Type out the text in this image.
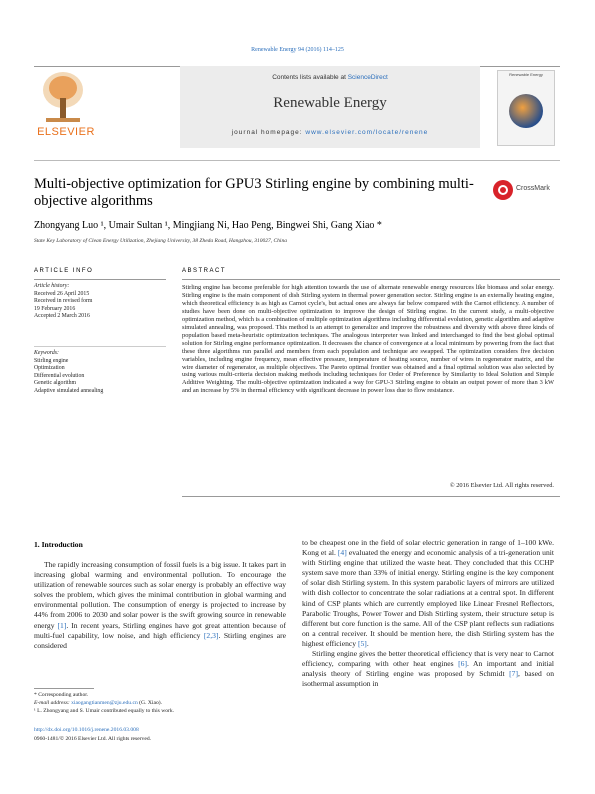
Renewable Energy 94 (2016) 114–125
ELSEVIER
Contents lists available at ScienceDirect
Renewable Energy
journal homepage: www.elsevier.com/locate/renene
Renewable Energy
Multi-objective optimization for GPU3 Stirling engine by combining multi-objective algorithms
CrossMark
Zhongyang Luo ¹, Umair Sultan ¹, Mingjiang Ni, Hao Peng, Bingwei Shi, Gang Xiao *
State Key Laboratory of Clean Energy Utilization, Zhejiang University, 38 Zheda Road, Hangzhou, 310027, China
ARTICLE INFO	ABSTRACT
Article history:
Received 26 April 2015
Received in revised form
19 February 2016
Accepted 2 March 2016
Keywords:
Stirling engine
Optimization
Differential evolution
Genetic algorithm
Adaptive simulated annealing
Stirling engine has become preferable for high attention towards the use of alternate renewable energy resources like biomass and solar energy. Stirling engine is the main component of dish Stirling system in thermal power generation sector. Stirling engine is an externally heating engine, which theoretical efficiency is as high as Carnot cycle's, but actual ones are always far below compared with the Carnot efficiency. A number of studies have been done on multi-objective optimization to improve the design of Stirling engine. In the current study, a multi-objective optimization method, which is a combination of multiple optimization algorithms including differential evolution, genetic algorithm and adaptive simulated annealing, was proposed. This method is an attempt to generalize and improve the robustness and diversity with above three kinds of population based meta-heuristic optimization techniques. The analogous interpreter was linked and interchanged to find the best global optimal solution for Stirling engine performance optimization. It decreases the chance of convergence at a local minimum by powering from the fact that these three algorithms run parallel and members from each population and technique are swapped. The optimization considers five decision variables, including engine frequency, mean effective pressure, temperature of heating source, number of wires in regenerator matrix, and the wire diameter of regenerator, as multiple objectives. The Pareto optimal frontier was obtained and a final optimal solution was also selected by using various multi-criteria decision making methods including techniques for Order of Preference by Similarity to Ideal Solution and Simple Additive Weighting. The multi-objective optimization indicated a way for GPU-3 Stirling engine to obtain an output power of more than 3 kW and an increase by 5% in thermal efficiency with significant decrease in power loss due to flow resistance.
© 2016 Elsevier Ltd. All rights reserved.
1. Introduction
The rapidly increasing consumption of fossil fuels is a big issue. It takes part in increasing global warming and environmental pollution. To encourage the utilization of renewable sources such as solar energy is probably an effective way solves the problem, which gives the minimal contribution in global warming and environmental pollution. The consumption of energy is projected to increase by 44% from 2006 to 2030 and solar power is the swift growing source in renewable energy [1]. In recent years, Stirling engines have got great attention because of multi-fuel capability, low noise, and high efficiency [2,3]. Stirling engines are considered
to be cheapest one in the field of solar electric generation in range of 1–100 kWe. Kong et al. [4] evaluated the energy and economic analysis of a tri-generation unit with Stirling engine that utilized the waste heat. They concluded that this CCHP system save more than 33% of initial energy. Stirling engine is the key component of solar dish Stirling system. In this system parabolic layers of mirrors are utilized with dish collector to concentrate the solar radiations at a central spot. In different kind of CSP plants which are currently employed like Linear Fresnel Reflectors, Parabolic Troughs, Power Tower and Dish Stirling system, their structure setup is different but core function is the same. All of the CSP plant reflects sun radiations on a central receiver. It should be mention here, the dish Stirling system has the highest efficiency [5].
Stirling engine gives the better theoretical efficiency that is very near to Carnot efficiency, comparing with other heat engines [6]. An important and initial analysis theory of Stirling engine was proposed by Schmidt [7], based on isothermal assumption in
* Corresponding author.
E-mail address: xiaogangtianmen@zju.edu.cn (G. Xiao).
¹ L. Zhongyang and S. Umair contributed equally to this work.
http://dx.doi.org/10.1016/j.renene.2016.03.008
0960-1481/© 2016 Elsevier Ltd. All rights reserved.
